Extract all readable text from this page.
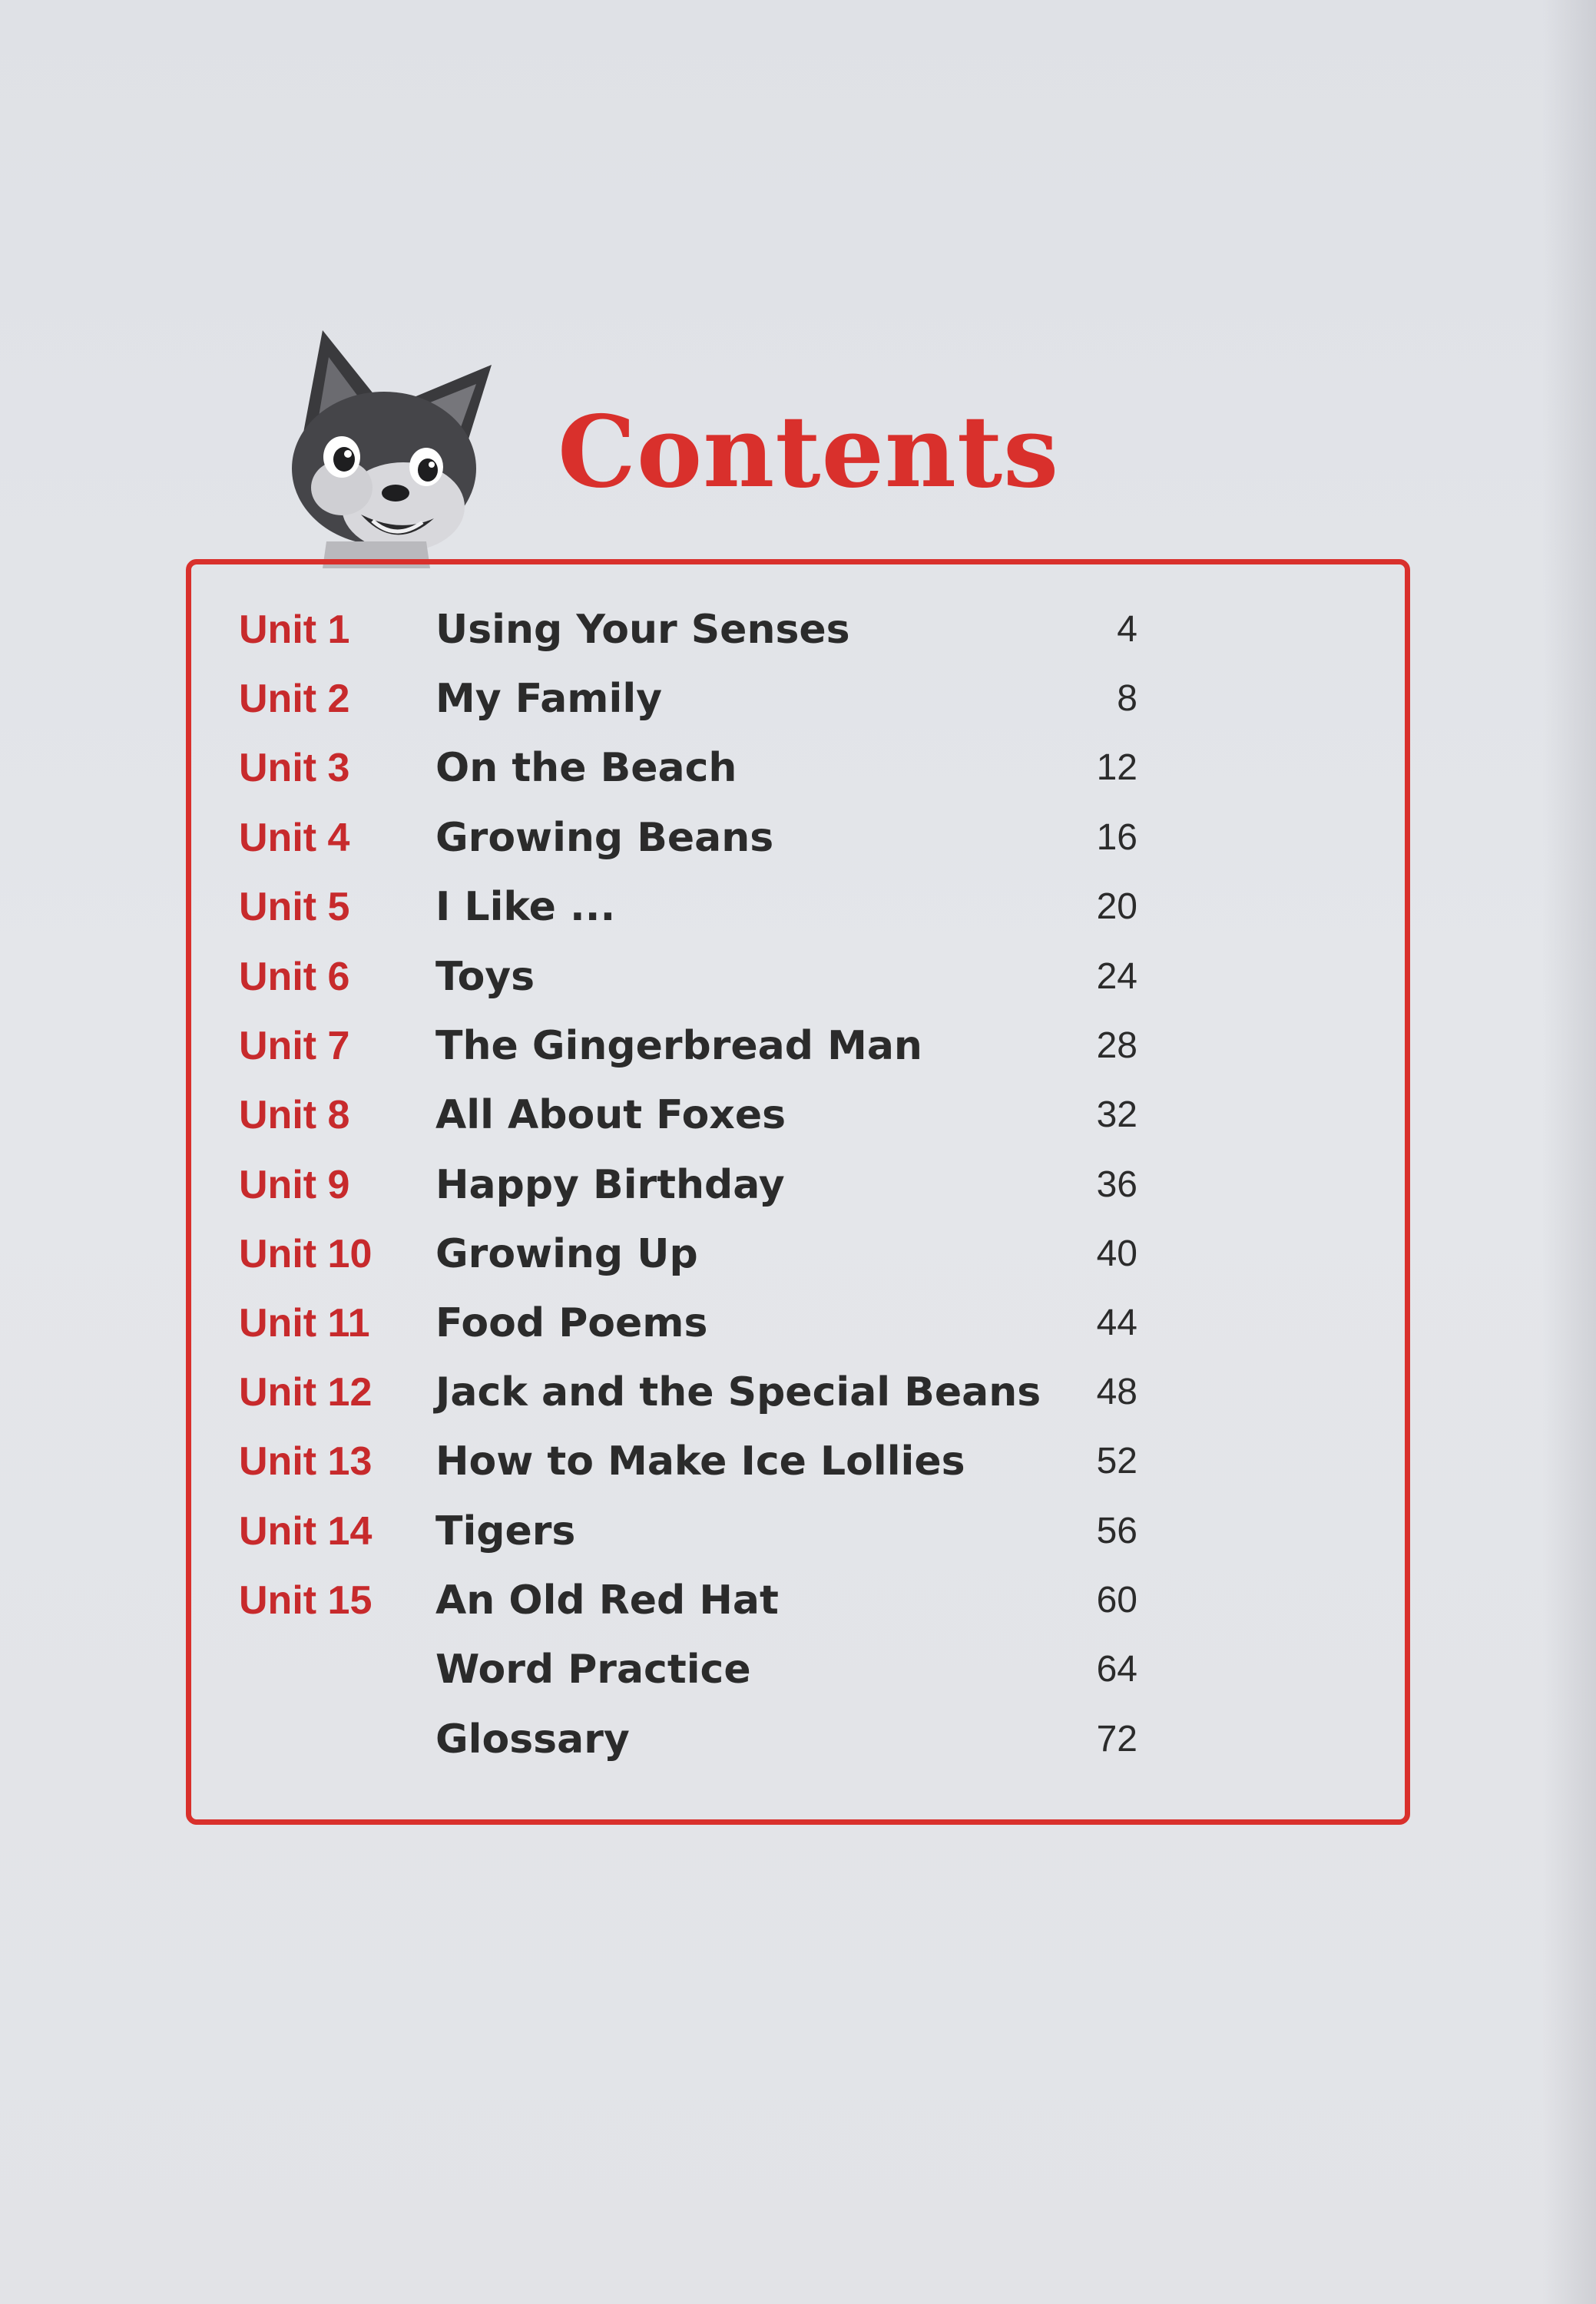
Contents
Unit 1 Using Your Senses	4
Unit 2 My Family	8
Unit 3 On the Beach	12
Unit 4 Growing Beans	16
Unit 5 I Like ...	20
Unit 6 Toys	24
Unit 7 The Gingerbread Man	28
Unit 8 All About Foxes	32
Unit 9 Happy Birthday	36
Unit 10 Growing Up	40
Unit 11 Food Poems	44
Unit 12 Jack and the Special Beans 48
Unit 13 How to Make Ice Lollies	52
Unit 14 Tigers	56
Unit 15 An Old Red Hat	60
Word Practice	64
Glossary	72
